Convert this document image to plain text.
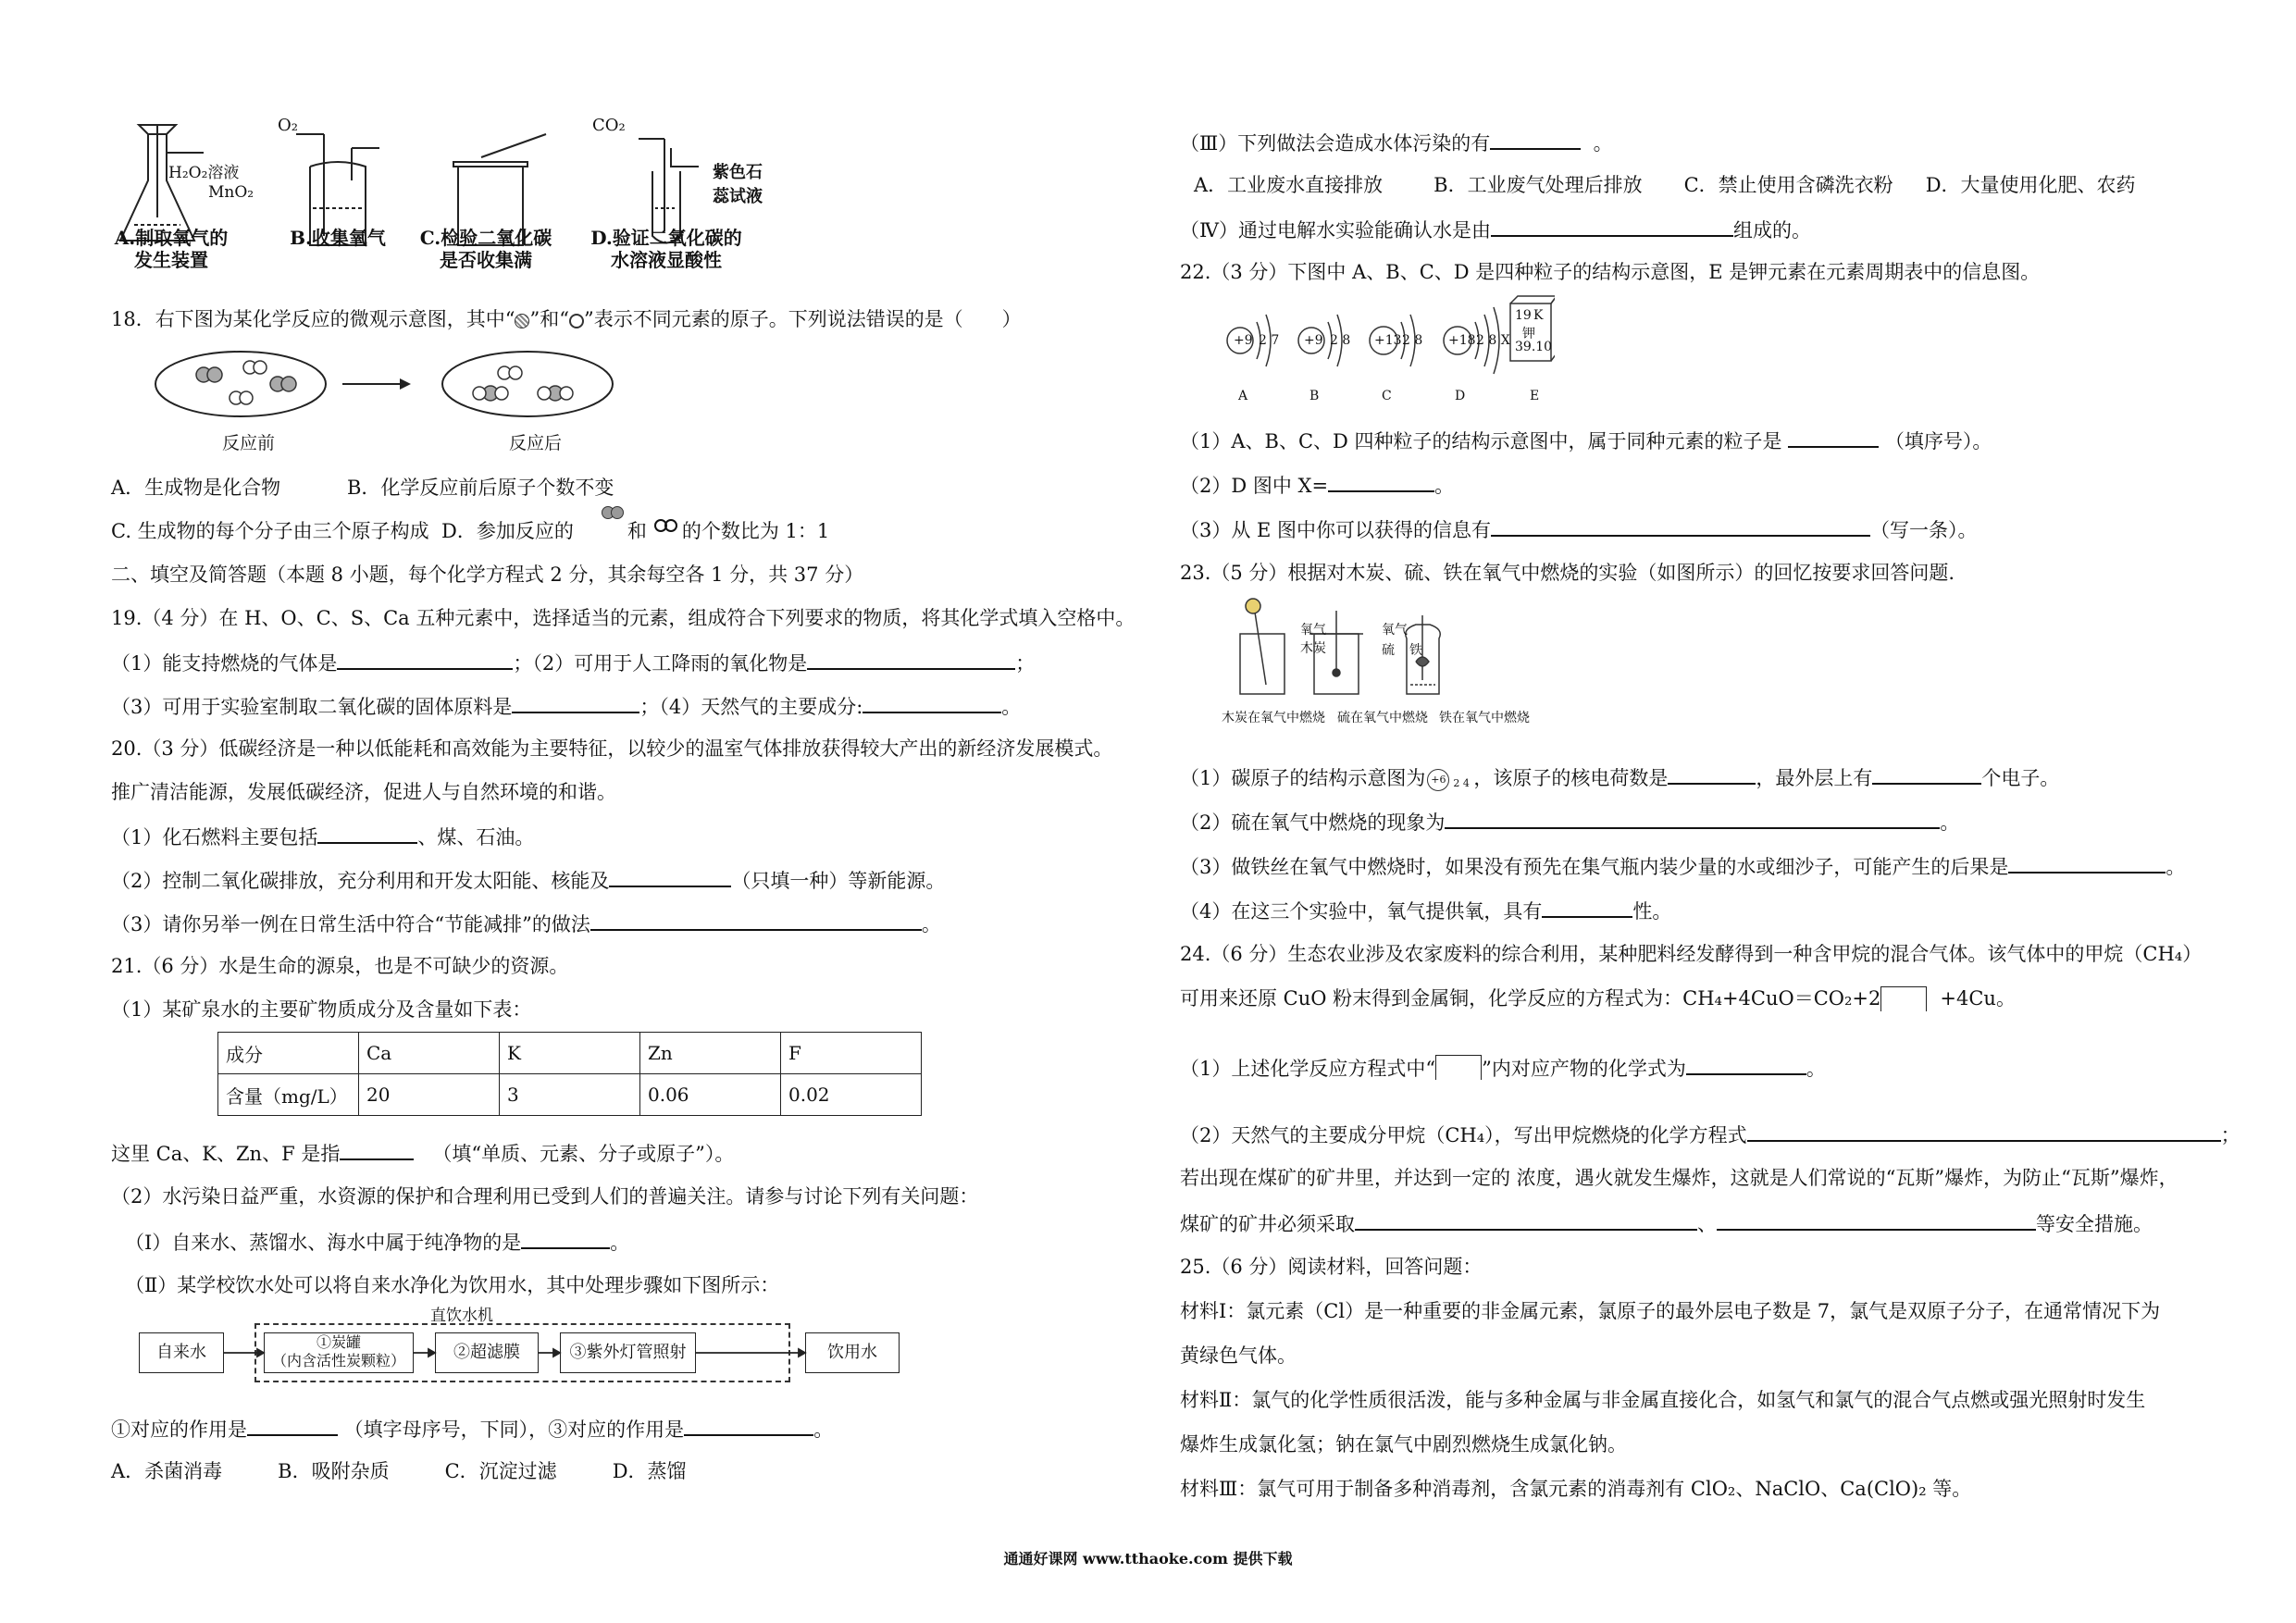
H₂O₂溶液
MnO₂
O₂	CO₂
紫色石
蕊试液
A.制取氧气的
发生装置
B.收集氧气	C.检验二氧化碳
是否收集满
D.验证二氧化碳的
水溶液显酸性
18．右下图为某化学反应的微观示意图，其中“ ”和“ ”表示不同元素的原子。下列说法错误的是（　　）
反应前	反应后
A．生成物是化合物	B．化学反应前后原子个数不变
C. 生成物的每个分子由三个原子构成 D．参加反应的	和 的个数比为 1：1
二、填空及简答题（本题 8 小题，每个化学方程式 2 分，其余每空各 1 分，共 37 分）
19.（4 分）在 H、O、C、S、Ca 五种元素中，选择适当的元素，组成符合下列要求的物质，将其化学式填入空格中。
（1）能支持燃烧的气体是	；（2）可用于人工降雨的氧化物是	；
（3）可用于实验室制取二氧化碳的固体原料是	；（4）天然气的主要成分:	。
20.（3 分）低碳经济是一种以低能耗和高效能为主要特征，以较少的温室气体排放获得较大产出的新经济发展模式。
推广清洁能源，发展低碳经济，促进人与自然环境的和谐。
（1）化石燃料主要包括	、煤、石油。
（2）控制二氧化碳排放，充分利用和开发太阳能、核能及	（只填一种）等新能源。
（3）请你另举一例在日常生活中符合“节能减排”的做法	。
21.（6 分）水是生命的源泉，也是不可缺少的资源。
（1）某矿泉水的主要矿物质成分及含量如下表：
成分	Ca	K	Zn	F
含量（mg/L）	20	3	0.06	0.02
这里 Ca、K、Zn、F 是指	（填“单质、元素、分子或原子”）。
（2）水污染日益严重，水资源的保护和合理利用已受到人们的普遍关注。请参与讨论下列有关问题：
（Ⅰ）自来水、蒸馏水、海水中属于纯净物的是	。
（Ⅱ）某学校饮水处可以将自来水净化为饮用水，其中处理步骤如下图所示：
直饮水机
自来水
①炭罐
（内含活性炭颗粒）	②超滤膜	③紫外灯管照射	饮用水
①对应的作用是	（填字母序号，下同），③对应的作用是	。
A．杀菌消毒	B．吸附杂质	C．沉淀过滤	D．蒸馏
（Ⅲ）下列做法会造成水体污染的有	。
A．工业废水直接排放	B．工业废气处理后排放 C．禁止使用含磷洗衣粉 D．大量使用化肥、农药
（Ⅳ）通过电解水实验能确认水是由	组成的。
22.（3 分）下图中 A、B、C、D 是四种粒子的结构示意图，E 是钾元素在元素周期表中的信息图。
+9 2 7 +9 2 8 +13 2 8 +18 2 8 X
19 K
钾
39.10
A	B	C	D	E
（1）A、B、C、D 四种粒子的结构示意图中，属于同种元素的粒子是	（填序号）。
（2）D 图中 X=	。
（3）从 E 图中你可以获得的信息有	（写一条）。
23.（5 分）根据对木炭、硫、铁在氧气中燃烧的实验（如图所示）的回忆按要求回答问题.
氧气
木炭
氧气
硫 铁
木炭在氧气中燃烧 硫在氧气中燃烧 铁在氧气中燃烧
（1）碳原子的结构示意图为 +6 2 4 ，该原子的核电荷数是	，最外层上有	个电子。
（2）硫在氧气中燃烧的现象为	。
（3）做铁丝在氧气中燃烧时，如果没有预先在集气瓶内装少量的水或细沙子，可能产生的后果是	。
（4）在这三个实验中，氧气提供氧，具有	性。
24.（6 分）生态农业涉及农家废料的综合利用，某种肥料经发酵得到一种含甲烷的混合气体。该气体中的甲烷（CH₄）
可用来还原 CuO 粉末得到金属铜，化学反应的方程式为：CH₄+4CuO＝CO₂+2	+4Cu。
（1）上述化学反应方程式中“ ”内对应产物的化学式为	。
（2）天然气的主要成分甲烷（CH₄），写出甲烷燃烧的化学方程式	；
若出现在煤矿的矿井里，并达到一定的 浓度，遇火就发生爆炸，这就是人们常说的“瓦斯”爆炸，为防止“瓦斯”爆炸，
煤矿的矿井必须采取	、	等安全措施。
25.（6 分）阅读材料，回答问题：
材料Ⅰ：氯元素（Cl）是一种重要的非金属元素，氯原子的最外层电子数是 7，氯气是双原子分子，在通常情况下为
黄绿色气体。
材料Ⅱ：氯气的化学性质很活泼，能与多种金属与非金属直接化合，如氢气和氯气的混合气点燃或强光照射时发生
爆炸生成氯化氢；钠在氯气中剧烈燃烧生成氯化钠。
材料Ⅲ：氯气可用于制备多种消毒剂，含氯元素的消毒剂有 ClO₂、NaClO、Ca(ClO)₂ 等。
通通好课网 www.tthaoke.com 提供下载
